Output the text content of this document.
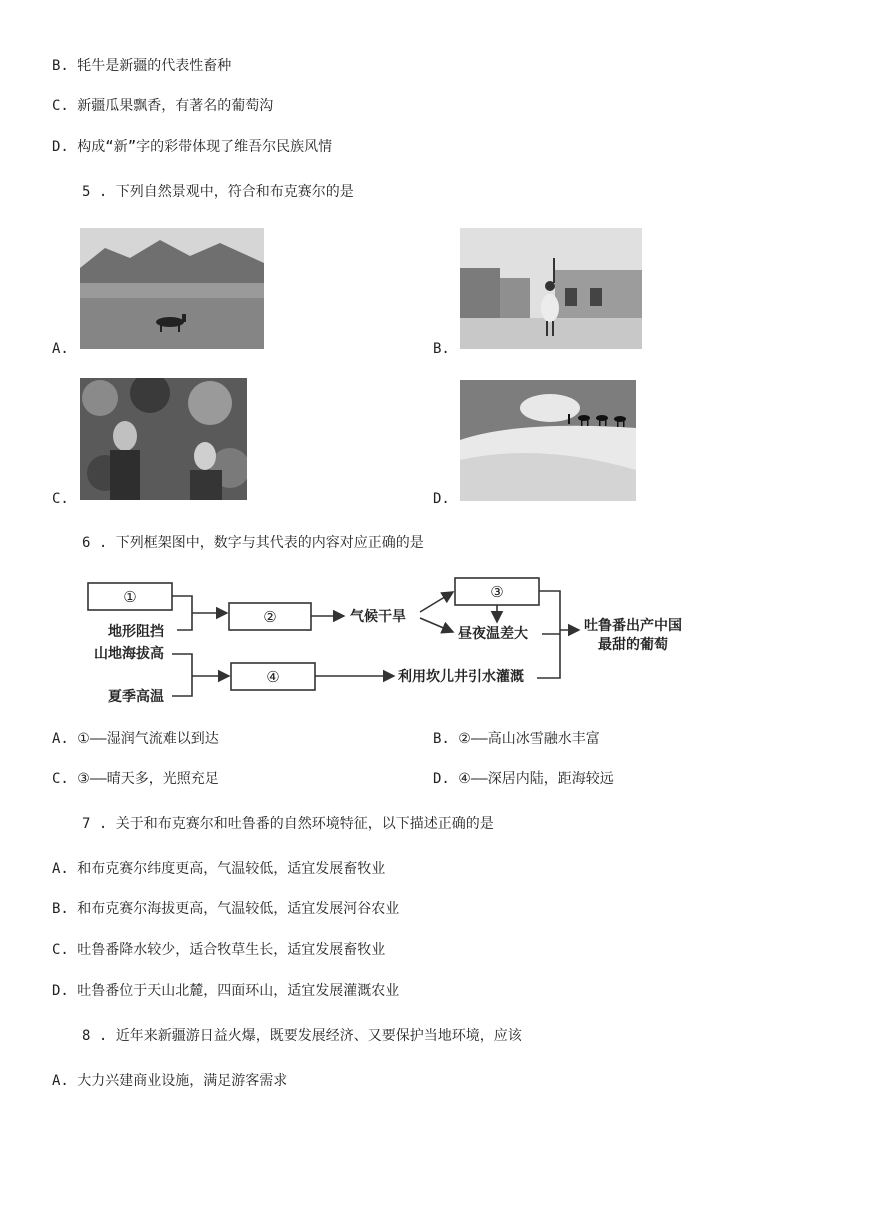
B. 牦牛是新疆的代表性畜种
C. 新疆瓜果飘香，有著名的葡萄沟
D. 构成“新”字的彩带体现了维吾尔民族风情
5 . 下列自然景观中，符合和布克赛尔的是
A.	B.
C.	D.
6 . 下列框架图中，数字与其代表的内容对应正确的是
①
②
③
④
地形阻挡
山地海拔高
夏季高温
气候干旱
昼夜温差大
利用坎儿井引水灌溉
吐鲁番出产中国
最甜的葡萄
A. ①——湿润气流难以到达	B. ②——高山冰雪融水丰富
C. ③——晴天多，光照充足	D. ④——深居内陆，距海较远
7 . 关于和布克赛尔和吐鲁番的自然环境特征，以下描述正确的是
A. 和布克赛尔纬度更高，气温较低，适宜发展畜牧业
B. 和布克赛尔海拔更高，气温较低，适宜发展河谷农业
C. 吐鲁番降水较少，适合牧草生长，适宜发展畜牧业
D. 吐鲁番位于天山北麓，四面环山，适宜发展灌溉农业
8 . 近年来新疆游日益火爆，既要发展经济、又要保护当地环境，应该
A. 大力兴建商业设施，满足游客需求
